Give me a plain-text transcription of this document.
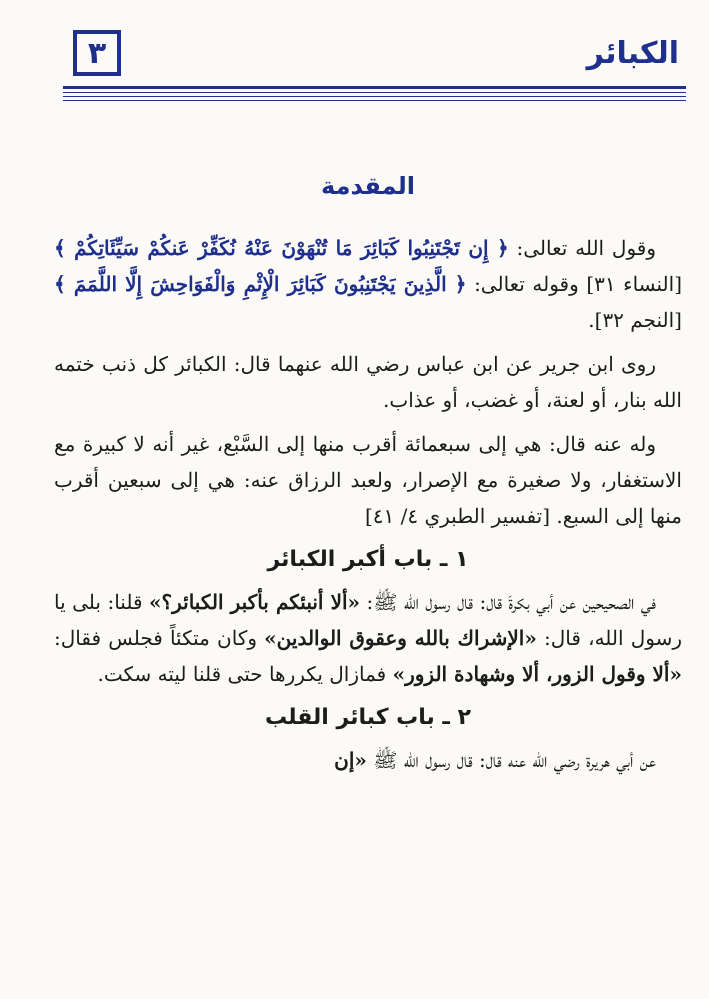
٣	الكبائر
المقدمة

وقول الله تعالى: ﴿ إِن تَجْتَنِبُوا كَبَائِرَ مَا تُنْهَوْنَ عَنْهُ نُكَفِّرْ عَنكُمْ سَيِّئَاتِكُمْ ﴾ [النساء ٣١] وقوله تعالى: ﴿ الَّذِينَ يَجْتَنِبُونَ كَبَائِرَ الْإِثْمِ وَالْفَوَاحِشَ إِلَّا اللَّمَمَ ﴾ [النجم ٣٢].

روى ابن جرير عن ابن عباس رضي الله عنهما قال: الكبائر كل ذنب ختمه الله بنار، أو لعنة، أو غضب، أو عذاب.

وله عنه قال: هي إلى سبعمائة أقرب منها إلى السَّبْع، غير أنه لا كبيرة مع الاستغفار، ولا صغيرة مع الإصرار، ولعبد الرزاق عنه: هي إلى سبعين أقرب منها إلى السبع. [تفسير الطبري ٤/ ٤١]

١ ـ باب أكبر الكبائر

في الصحيحين عن أبي بكرةَ قال: قال رسول الله ﷺ: «ألا أنبئكم بأكبر الكبائر؟» قلنا: بلى يا رسول الله، قال: «الإشراك بالله وعقوق الوالدين» وكان متكئاً فجلس فقال: «ألا وقول الزور، ألا وشهادة الزور» فمازال يكررها حتى قلنا ليته سكت.

٢ ـ باب كبائر القلب

عن أبي هريرة رضي الله عنه قال: قال رسول الله ﷺ «إن
